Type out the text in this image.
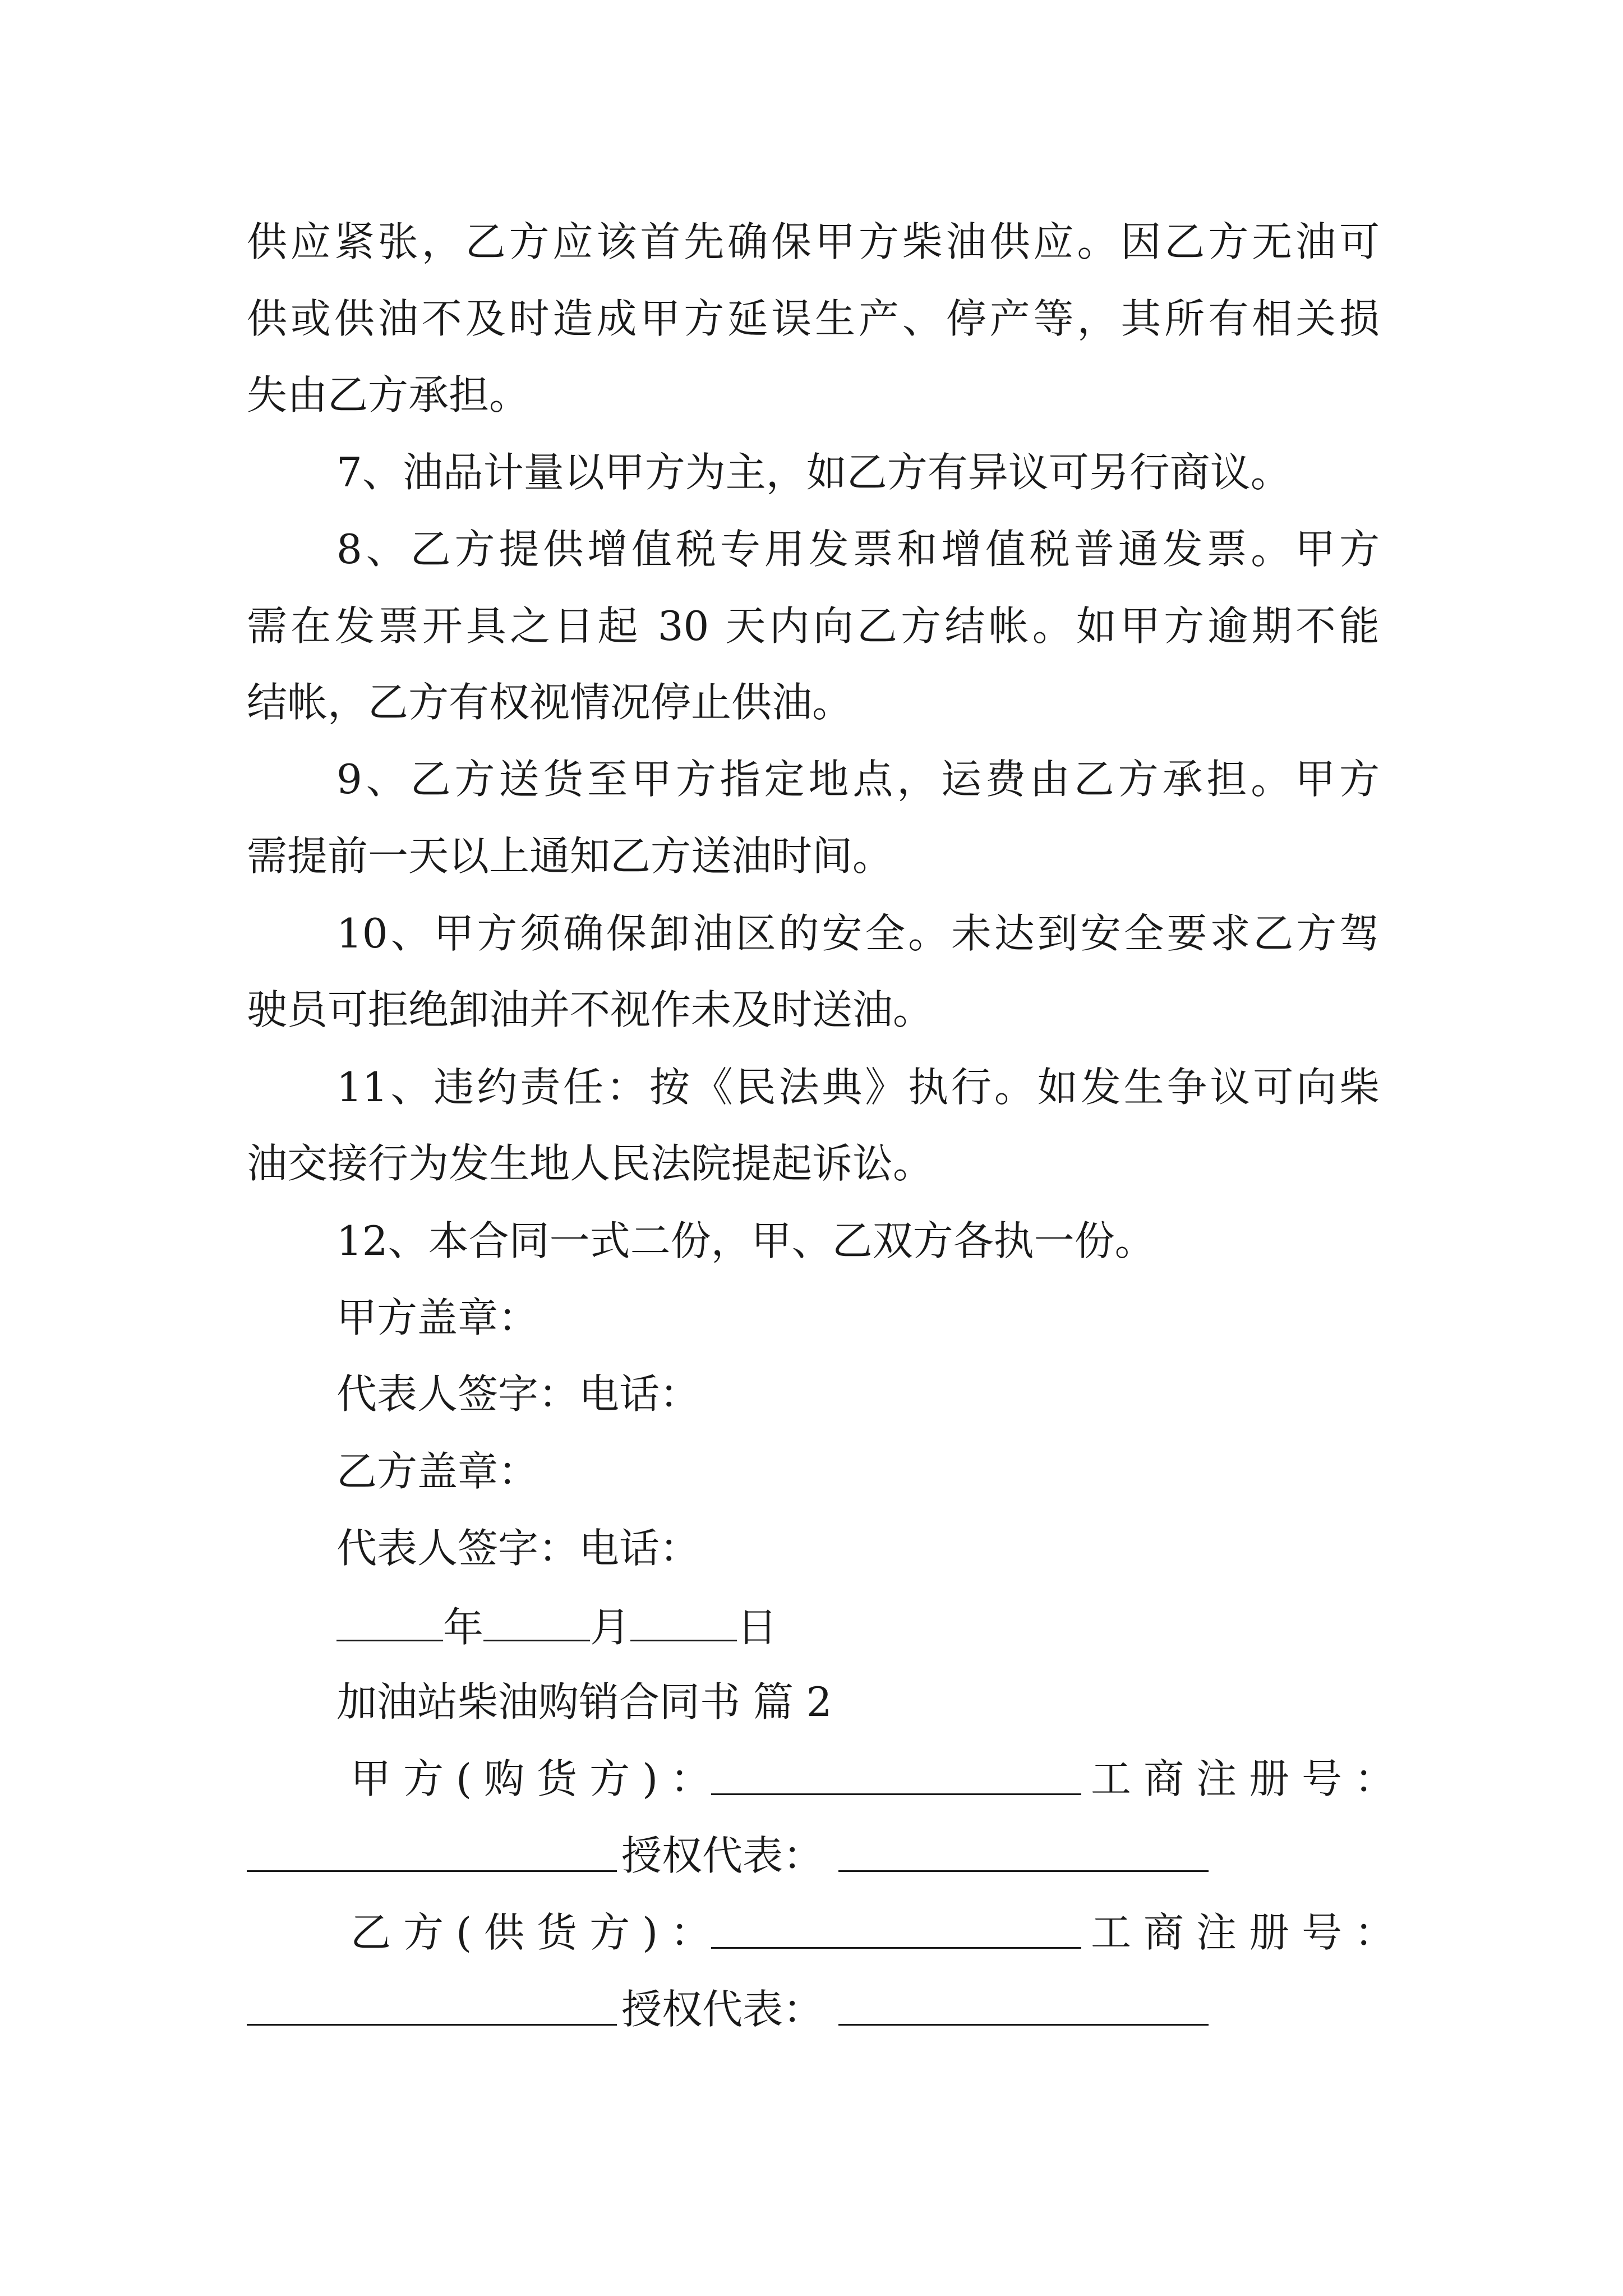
供应紧张，乙方应该首先确保甲方柴油供应。因乙方无油可
供或供油不及时造成甲方延误生产、停产等，其所有相关损
失由乙方承担。
7、油品计量以甲方为主，如乙方有异议可另行商议。
8、乙方提供增值税专用发票和增值税普通发票。甲方
需在发票开具之日起 30 天内向乙方结帐。如甲方逾期不能
结帐，乙方有权视情况停止供油。
9、乙方送货至甲方指定地点，运费由乙方承担。甲方
需提前一天以上通知乙方送油时间。
10、甲方须确保卸油区的安全。未达到安全要求乙方驾
驶员可拒绝卸油并不视作未及时送油。
11、违约责任：按《民法典》执行。如发生争议可向柴
油交接行为发生地人民法院提起诉讼。
12、本合同一式二份，甲、乙双方各执一份。
甲方盖章：
代表人签字：电话：
乙方盖章：
代表人签字：电话：
年	月	日
加油站柴油购销合同书 篇 2
甲方(购货方)：	工商注册号：
授权代表：
乙方(供货方)：	工商注册号：
授权代表：
